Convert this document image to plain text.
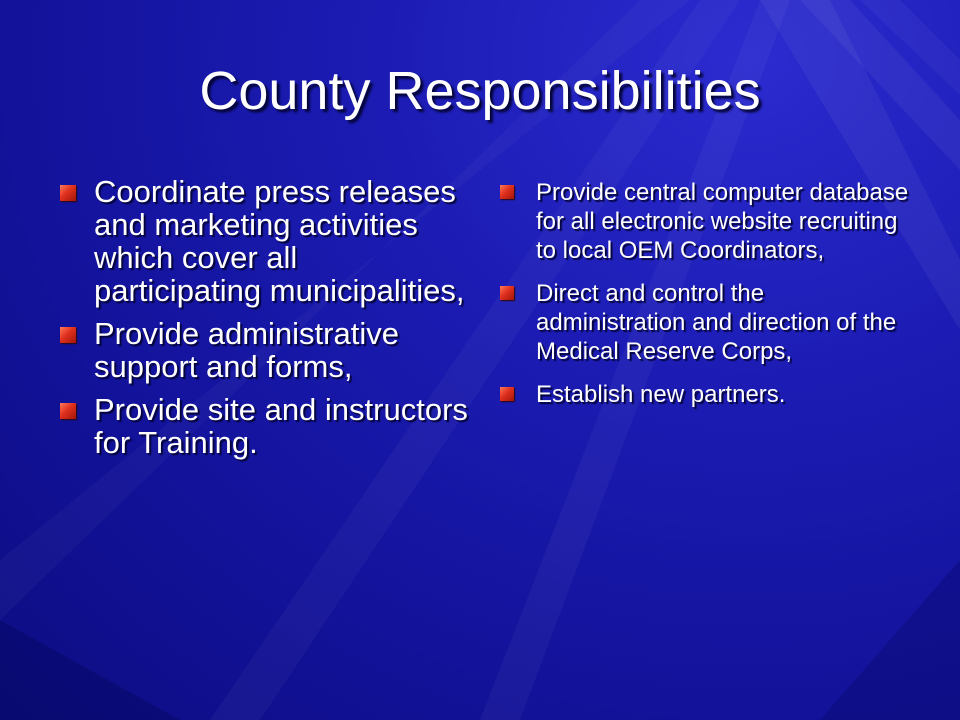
County Responsibilities
Coordinate press releases and marketing activities which cover all participating municipalities,
Provide administrative support and forms,
Provide site and instructors for Training.
Provide central computer database for all electronic website recruiting to local OEM Coordinators,
Direct and control the administration and direction of the Medical Reserve Corps,
Establish new partners.
